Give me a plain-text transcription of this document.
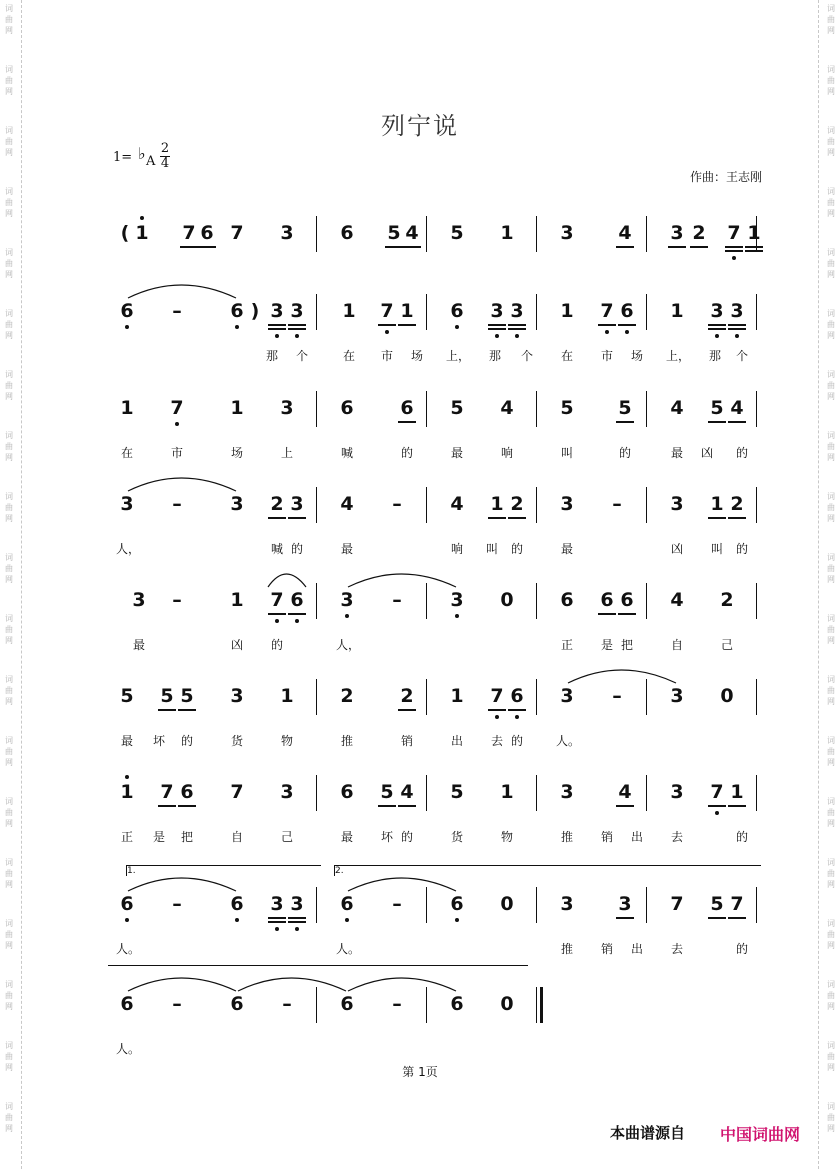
词
曲
网
词
曲
网
词
曲
网
词
曲
网
词
曲
网
词
曲
网
词
曲
网
词
曲
网
词
曲
网
词
曲
网
词
曲
网
词
曲
网
词
曲
网
词
曲
网
词
曲
网
词
曲
网
词
曲
网
词
曲
网
词
曲
网
词
曲
网
词
曲
网
词
曲
网
词
曲
网
词
曲
网
词
曲
网
词
曲
网
词
曲
网
词
曲
网
词
曲
网
词
曲
网
词
曲
网
词
曲
网
词
曲
网
词
曲
网
词
曲
网
词
曲
网
词
曲
网
词
曲
网
列宁说
1= ♭ A $\frac{2}{4}$
作曲：王志刚
( 1 7 6 7 3 6 5 4 5 1 3 4 3 2 7 1
6 –	6 ) 3 3 1 7 1 6 3 3 1 7 6 1 3 3
那	个	在	市	场	上，	那	个	在	市	场	上，	那	个
1 7 1 3 6 6 5 4 5 5 4 5 4
在	市	场	上	喊	的	最	响	叫	的	最	凶	的
3 –	3 2 3 4 –	4 1 2 3 –	3 1 2
人，	喊 的	最	响	叫	的	最	凶	叫	的
3 –	1 7 6 3 –	3 0 6 6 6 4 2
最	凶	的	人，	正	是 把	自	己
5 5 5 3 1 2 2 1 7 6 3 –	3 0
最	坏	的	货	物	推	销	出	去 的	人。
1 7 6 7 3 6 5 4 5 1 3 4 3 7 1
正	是	把	自	己	最	坏 的	货	物	推	销	出	去	的
6 –	6 3 3 6 –	6 0 3 3 7 5 7
人。	人。	推	销	出	去	的
1.	2.
6 –	6 –	6 –	6 0
人。
第 1页
本曲谱源自 中国词曲网
